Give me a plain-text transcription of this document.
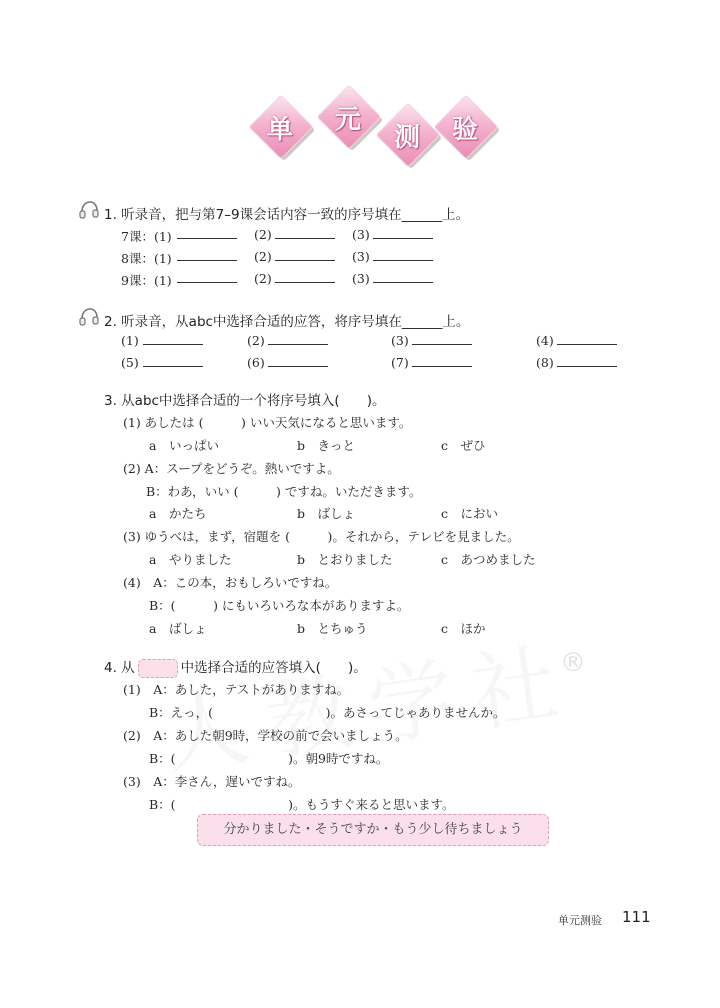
®
单	元
测	验
1. 听录音，把与第7–9课会话内容一致的序号填在______上。
7课：(1)	(2)	(3)
8课：(1)	(2)	(3)
9课：(1)	(2)	(3)
2. 听录音，从abc中选择合适的应答，将序号填在______上。
(1)	(2)	(3)	(4)
(5)	(6)	(7)	(8)
3. 从abc中选择合适的一个将序号填入(　　)。
(1) あしたは (　　　) いい天気になると思います。
a　いっぱい	b　きっと	c　ぜひ
(2) A：スープをどうぞ。熱いですよ。
B：わあ，いい (　　　) ですね。いただきます。
a　かたち	b　ばしょ	c　におい
(3) ゆうべは，まず，宿題を (　　　)。それから，テレビを見ました。
a　やりました	b　とおりました	c　あつめました
(4)　A：この本，おもしろいですね。
B：(　　　) にもいろいろな本がありますよ。
a　ばしょ	b　とちゅう	c　ほか
4. 从	中选择合适的应答填入(　　)。
(1)　A：あした，テストがありますね。
B：えっ，(　　　　　　　　　)。あさってじゃありませんか。
(2)　A：あした朝9時，学校の前で会いましょう。
B：(　　　　　　　　　)。朝9時ですね。
(3)　A：李さん，遅いですね。
B：(　　　　　　　　　)。もうすぐ来ると思います。
分かりました・そうですか・もう少し待ちましょう
单元测验 111
